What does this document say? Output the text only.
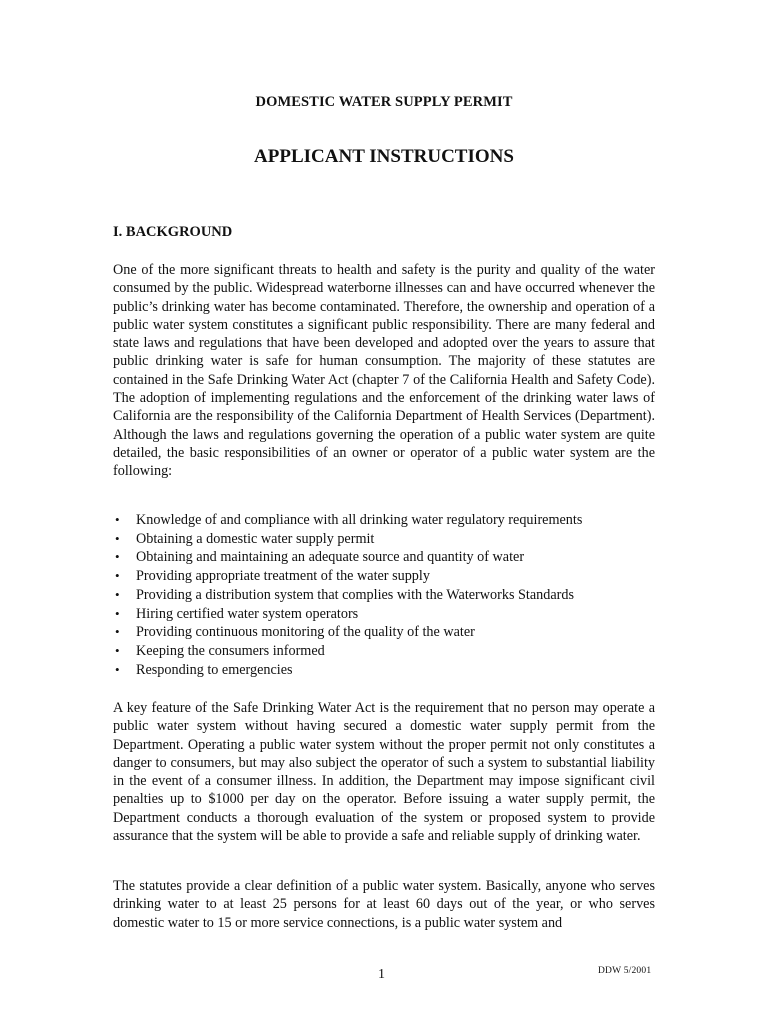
DOMESTIC WATER SUPPLY PERMIT
APPLICANT INSTRUCTIONS
I. BACKGROUND

One of the more significant threats to health and safety is the purity and quality of the water consumed by the public. Widespread waterborne illnesses can and have occurred whenever the public’s drinking water has become contaminated. Therefore, the ownership and operation of a public water system constitutes a significant public responsibility. There are many federal and state laws and regulations that have been developed and adopted over the years to assure that public drinking water is safe for human consumption. The majority of these statutes are contained in the Safe Drinking Water Act (chapter 7 of the California Health and Safety Code). The adoption of implementing regulations and the enforcement of the drinking water laws of California are the responsibility of the California Department of Health Services (Department). Although the laws and regulations governing the operation of a public water system are quite detailed, the basic responsibilities of an owner or operator of a public water system are the following:

• Knowledge of and compliance with all drinking water regulatory requirements
• Obtaining a domestic water supply permit
• Obtaining and maintaining an adequate source and quantity of water
• Providing appropriate treatment of the water supply
• Providing a distribution system that complies with the Waterworks Standards
• Hiring certified water system operators
• Providing continuous monitoring of the quality of the water
• Keeping the consumers informed
• Responding to emergencies

A key feature of the Safe Drinking Water Act is the requirement that no person may operate a public water system without having secured a domestic water supply permit from the Department. Operating a public water system without the proper permit not only constitutes a danger to consumers, but may also subject the operator of such a system to substantial liability in the event of a consumer illness. In addition, the Department may impose significant civil penalties up to $1000 per day on the operator. Before issuing a water supply permit, the Department conducts a thorough evaluation of the system or proposed system to provide assurance that the system will be able to provide a safe and reliable supply of drinking water.

The statutes provide a clear definition of a public water system. Basically, anyone who serves drinking water to at least 25 persons for at least 60 days out of the year, or who serves domestic water to 15 or more service connections, is a public water system and

1	DDW 5/2001
